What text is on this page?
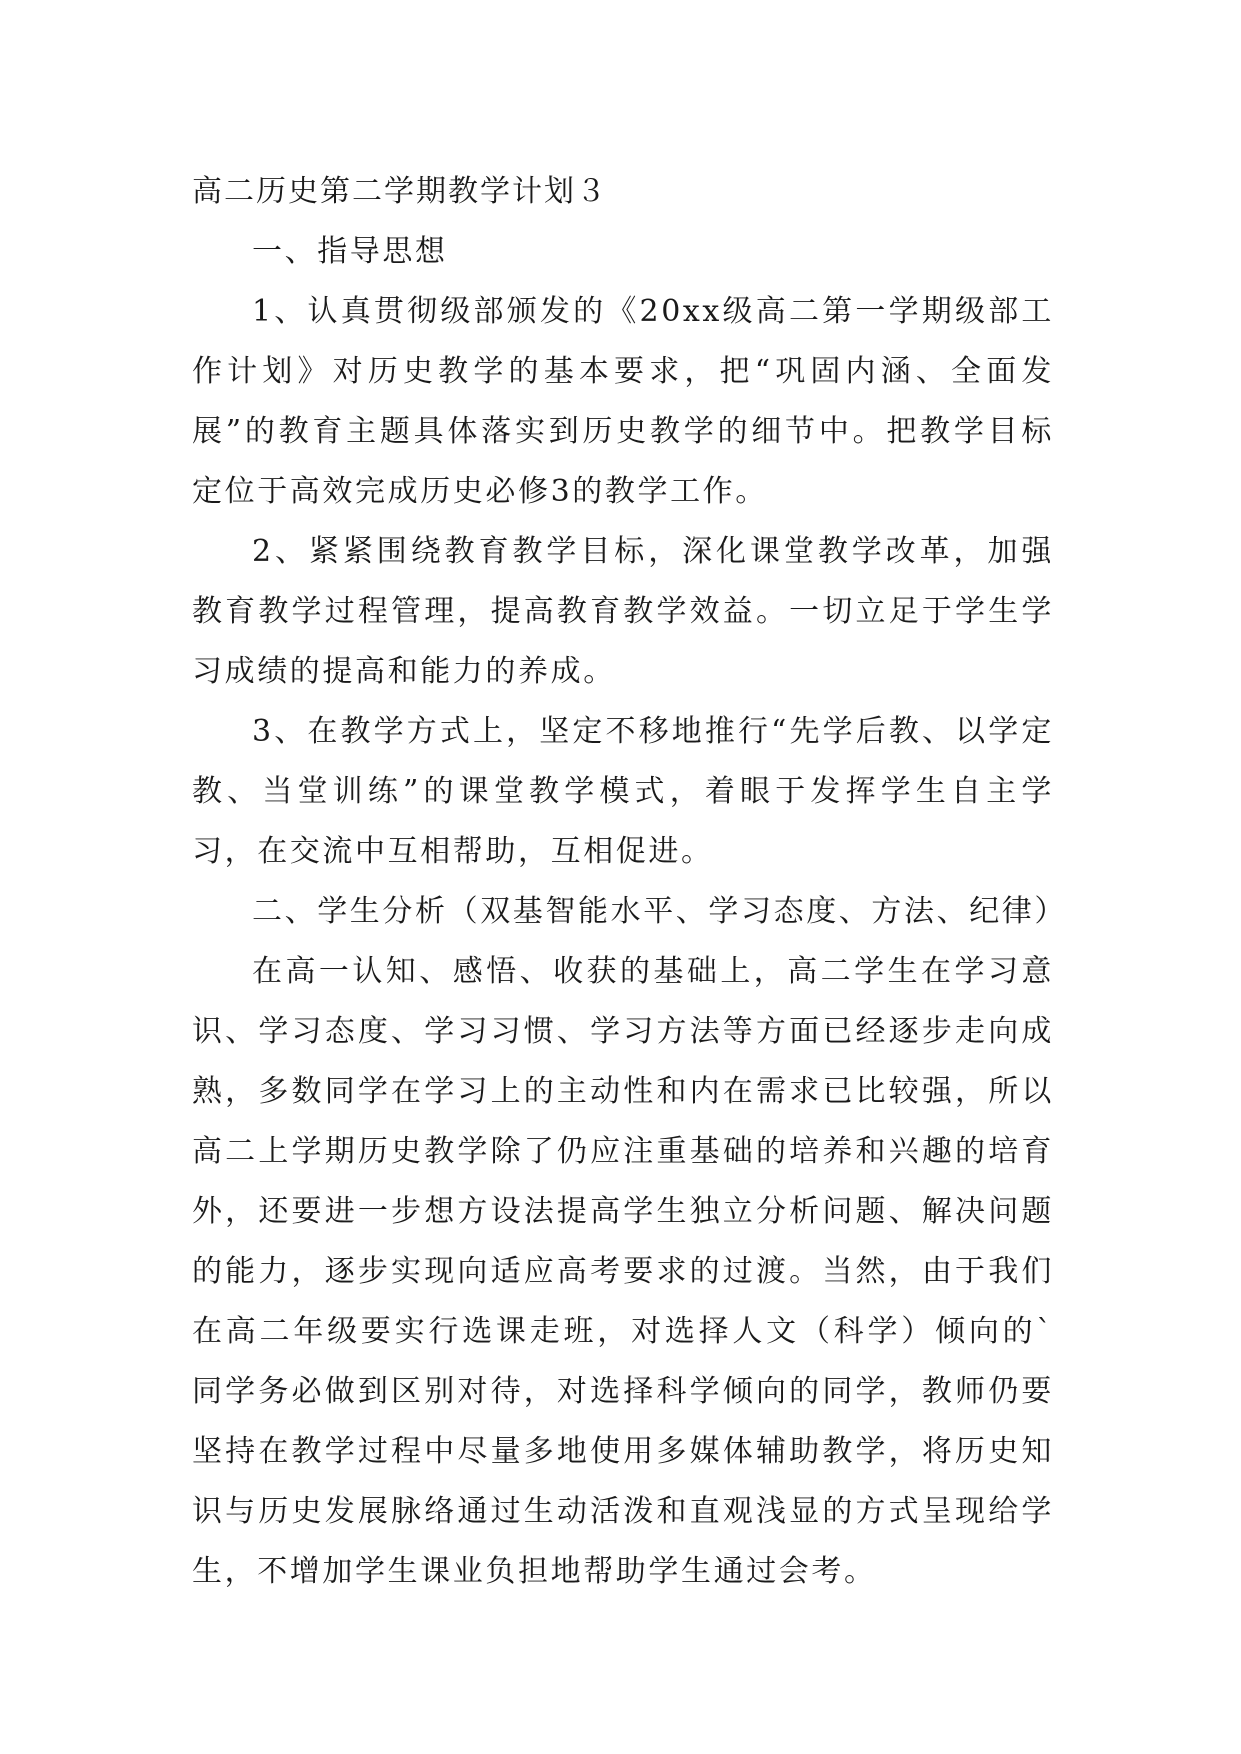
高二历史第二学期教学计划３

一、指导思想

1、认真贯彻级部颁发的《20xx级高二第一学期级部工作计划》对历史教学的基本要求，把“巩固内涵、全面发展”的教育主题具体落实到历史教学的细节中。把教学目标定位于高效完成历史必修3的教学工作。

2、紧紧围绕教育教学目标，深化课堂教学改革，加强教育教学过程管理，提高教育教学效益。一切立足于学生学习成绩的提高和能力的养成。

3、在教学方式上，坚定不移地推行“先学后教、以学定教、当堂训练”的课堂教学模式，着眼于发挥学生自主学习，在交流中互相帮助，互相促进。

二、学生分析（双基智能水平、学习态度、方法、纪律）

在高一认知、感悟、收获的基础上，高二学生在学习意识、学习态度、学习习惯、学习方法等方面已经逐步走向成熟，多数同学在学习上的主动性和内在需求已比较强，所以高二上学期历史教学除了仍应注重基础的培养和兴趣的培育外，还要进一步想方设法提高学生独立分析问题、解决问题的能力，逐步实现向适应高考要求的过渡。当然，由于我们在高二年级要实行选课走班，对选择人文（科学）倾向的`同学务必做到区别对待，对选择科学倾向的同学，教师仍要坚持在教学过程中尽量多地使用多媒体辅助教学，将历史知识与历史发展脉络通过生动活泼和直观浅显的方式呈现给学生，不增加学生课业负担地帮助学生通过会考。
